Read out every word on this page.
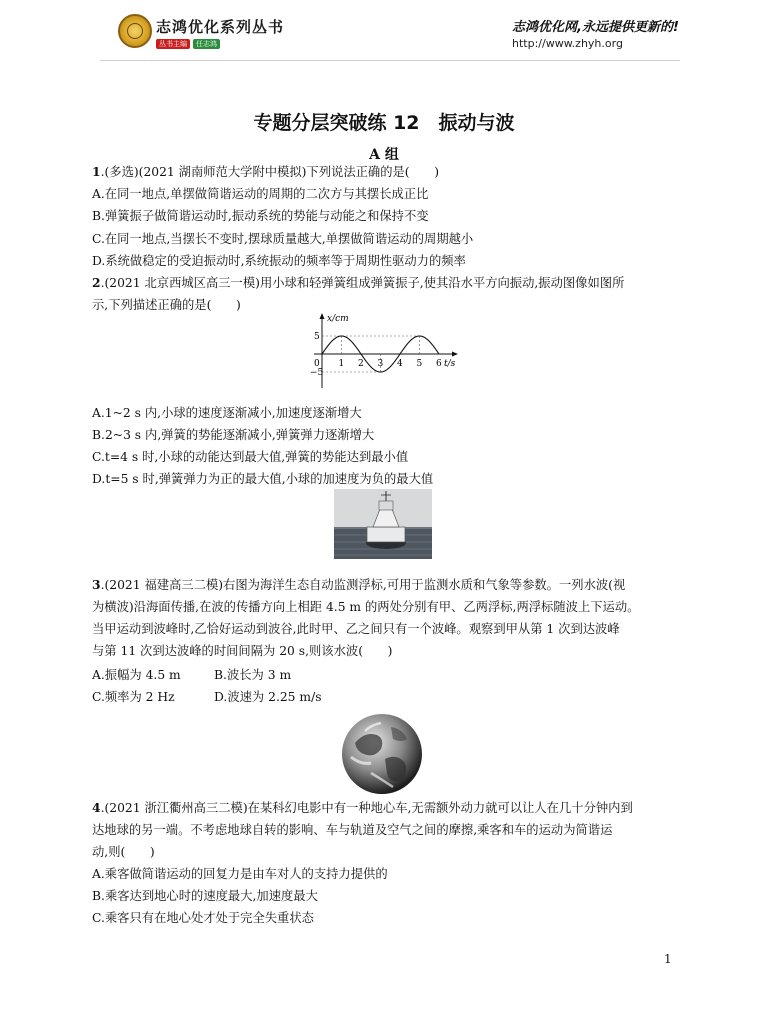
志鸿优化系列丛书
丛书主编	任志鸿
志鸿优化网,永远提供更新的!
http://www.zhyh.org
专题分层突破练 12　振动与波
A 组
1.(多选)(2021 湖南师范大学附中模拟)下列说法正确的是(　　)
A.在同一地点,单摆做简谐运动的周期的二次方与其摆长成正比
B.弹簧振子做简谐运动时,振动系统的势能与动能之和保持不变
C.在同一地点,当摆长不变时,摆球质量越大,单摆做简谐运动的周期越小
D.系统做稳定的受迫振动时,系统振动的频率等于周期性驱动力的频率
2.(2021 北京西城区高三一模)用小球和轻弹簧组成弹簧振子,使其沿水平方向振动,振动图像如图所
示,下列描述正确的是(　　)
0 1 2 3 4 5 6
5
−5
x/cm
t/s
A.1~2 s 内,小球的速度逐渐减小,加速度逐渐增大
B.2~3 s 内,弹簧的势能逐渐减小,弹簧弹力逐渐增大
C.t=4 s 时,小球的动能达到最大值,弹簧的势能达到最小值
D.t=5 s 时,弹簧弹力为正的最大值,小球的加速度为负的最大值
3.(2021 福建高三二模)右图为海洋生态自动监测浮标,可用于监测水质和气象等参数。一列水波(视
为横波)沿海面传播,在波的传播方向上相距 4.5 m 的两处分别有甲、乙两浮标,两浮标随波上下运动。
当甲运动到波峰时,乙恰好运动到波谷,此时甲、乙之间只有一个波峰。观察到甲从第 1 次到达波峰
与第 11 次到达波峰的时间间隔为 20 s,则该水波(　　)
A.振幅为 4.5 m	B.波长为 3 m
C.频率为 2 Hz	D.波速为 2.25 m/s
4.(2021 浙江衢州高三二模)在某科幻电影中有一种地心车,无需额外动力就可以让人在几十分钟内到
达地球的另一端。不考虑地球自转的影响、车与轨道及空气之间的摩擦,乘客和车的运动为简谐运
动,则(　　)
A.乘客做简谐运动的回复力是由车对人的支持力提供的
B.乘客达到地心时的速度最大,加速度最大
C.乘客只有在地心处才处于完全失重状态
1
